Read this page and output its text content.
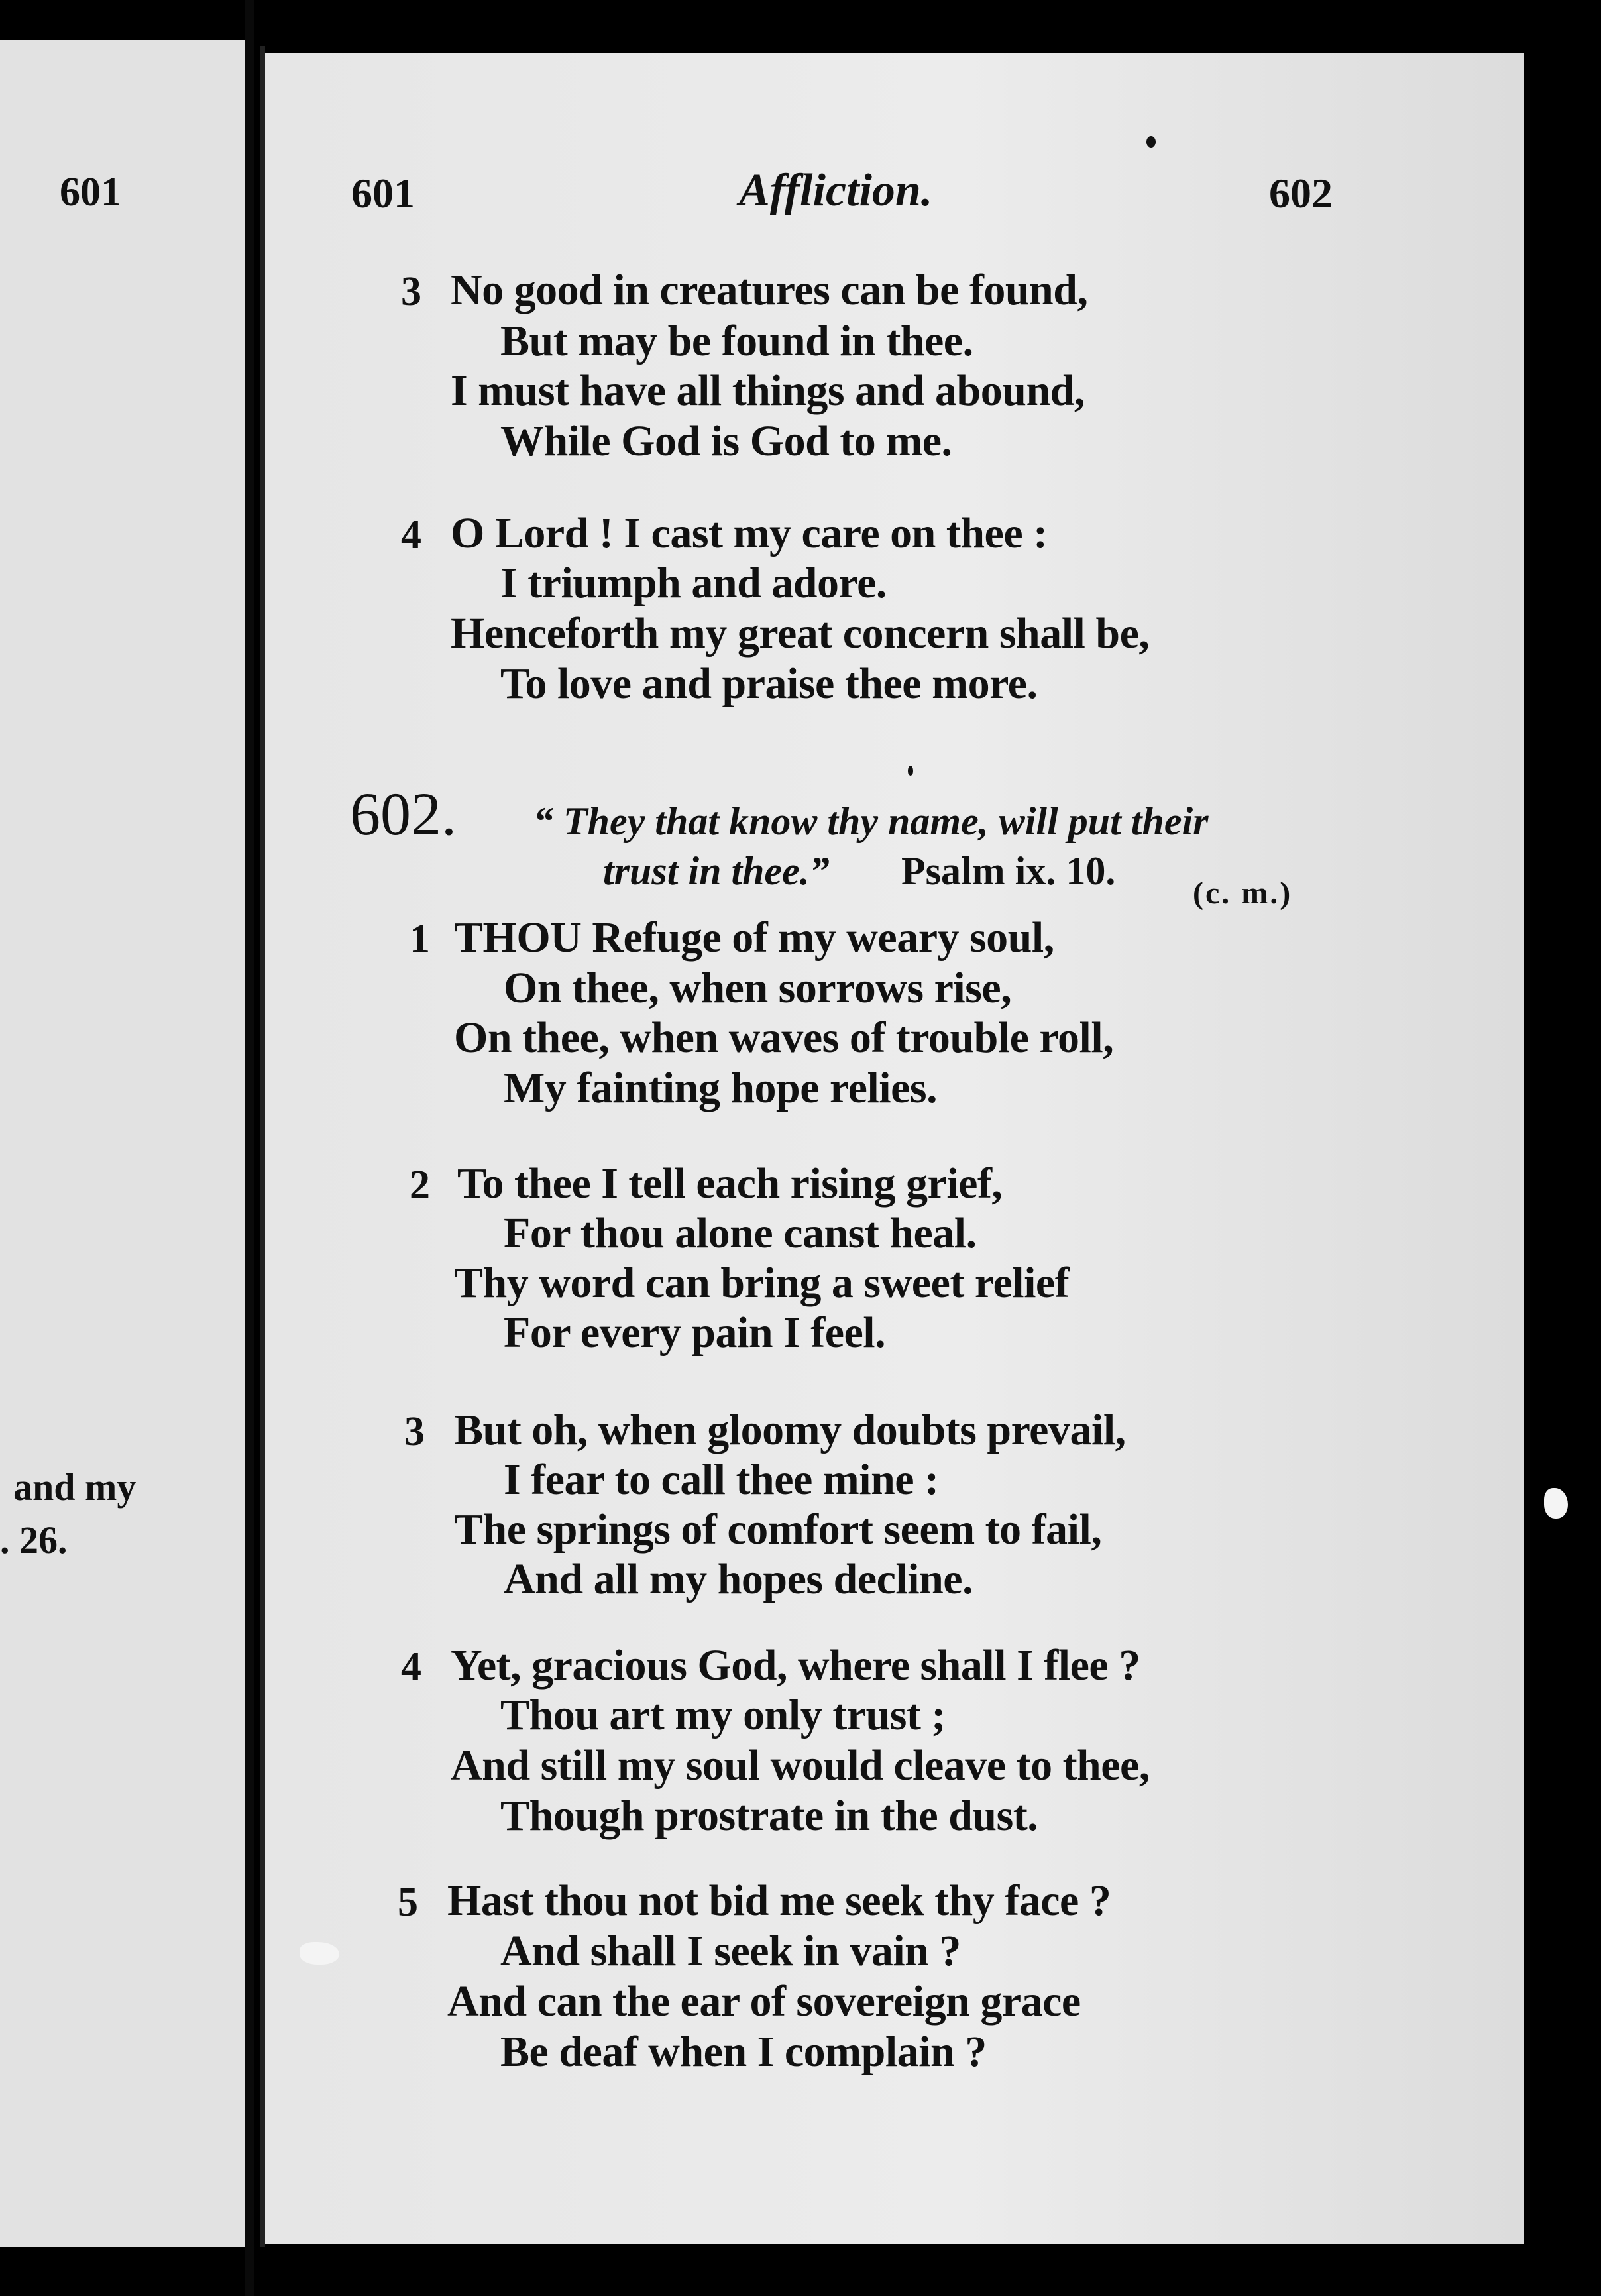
601
and my
. 26.
601	Affliction.	602
3 No good in creatures can be found,
But may be found in thee.
I must have all things and abound,
While God is God to me.
4 O Lord ! I cast my care on thee :
I triumph and adore.
Henceforth my great concern shall be,
To love and praise thee more.
602. “ They that know thy name, will put their
trust in thee.” Psalm ix. 10.
(c. m.)
1 THOU Refuge of my weary soul,
On thee, when sorrows rise,
On thee, when waves of trouble roll,
My fainting hope relies.
2 To thee I tell each rising grief,
For thou alone canst heal.
Thy word can bring a sweet relief
For every pain I feel.
3 But oh, when gloomy doubts prevail,
I fear to call thee mine :
The springs of comfort seem to fail,
And all my hopes decline.
4 Yet, gracious God, where shall I flee ?
Thou art my only trust ;
And still my soul would cleave to thee,
Though prostrate in the dust.
5 Hast thou not bid me seek thy face ?
And shall I seek in vain ?
And can the ear of sovereign grace
Be deaf when I complain ?
